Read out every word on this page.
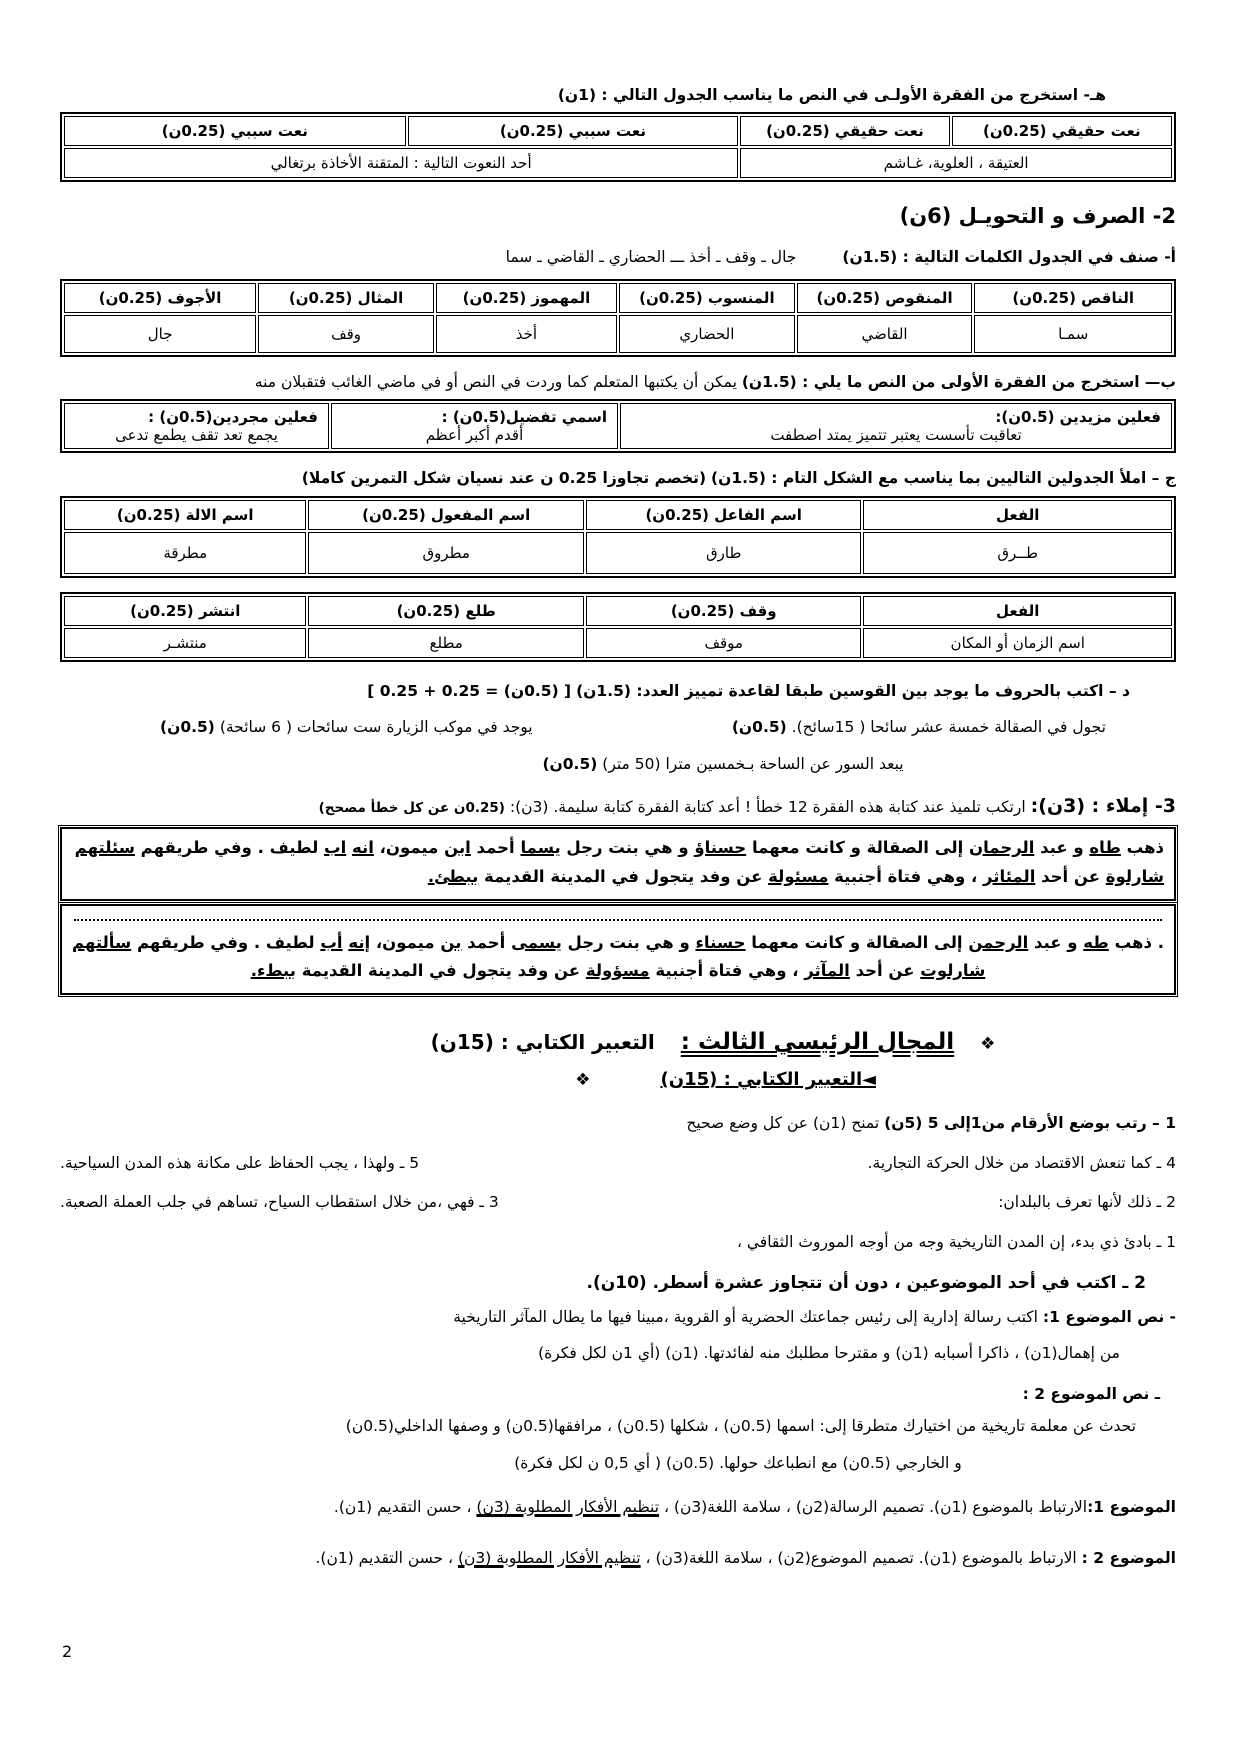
هـ- استخرج من الفقرة الأولـى في النص ما يناسب الجدول التالي : (1ن)
نعت حقيقي (0.25ن)	نعت حقيقي (0.25ن)	نعت سببي (0.25ن)	نعت سببي (0.25ن)
العتيقة ، العلوية، غـاشم		أحد النعوت التالية : المتقنة الأخاذة برتغالي	
2- الصرف و التحويـل (6ن)
أ- صنف في الجدول الكلمات التالية : (1.5ن)
جال ـ وقف ـ أخذ ـــ الحضاري ـ القاضي ـ سما
الناقص (0.25ن)	المنقوص (0.25ن)	المنسوب (0.25ن)	المهموز (0.25ن)	المثال (0.25ن)	الأجوف (0.25ن)
سمـا	القاضي	الحضاري	أخذ	وقف	جال
ب— استخرج من الفقرة الأولى من النص ما يلي : (1.5ن) يمكن أن يكتبها المتعلم كما وردت في النص أو في ماضي الغائب فتقبلان منه
فعلين مزيدين (0.5ن):
تعاقبت تأسست يعتبر تتميز يمتد اصطفت

اسمي تفضيل(0.5ن) :
أقدم أكبر أعظم

فعلين مجردين(0.5ن) :
يجمع تعد تقف يطمع تدعى
ج – املأ الجدولين التاليين بما يناسب مع الشكل التام : (1.5ن) (تخصم تجاوزا 0.25 ن عند نسيان شكل التمرين كاملا)
الفعل	اسم الفاعل (0.25ن)	اسم المفعول (0.25ن)	اسم الالة (0.25ن)
طــرق	طارق	مطروق	مطرقة
الفعل	وقف (0.25ن)	طلع (0.25ن)	انتشر (0.25ن)
اسم الزمان أو المكان	موقف	مطلع	منتشـر
د – اكتب بالحروف ما يوجد بين القوسين طبقا لقاعدة تمييز العدد: (1.5ن) [ (0.5ن) = 0.25 + 0.25 ]
تجول في الصقالة خمسة عشر سائحا ( 15سائح). (0.5ن)
يوجد في موكب الزيارة ست سائحات ( 6 سائحة) (0.5ن)
يبعد السور عن الساحة بـخمسين مترا (50 متر) (0.5ن)
3- إملاء : (3ن): ارتكب تلميذ عند كتابة هذه الفقرة 12 خطأ ! أعد كتابة الفقرة كتابة سليمة. (3ن): (0.25ن عن كل خطأ مصحح)
ذهب طاه و عبد الرحمان إلى الصقالة و كانت معهما حسناؤ و هي بنت رجل يسما أحمد ابن ميمون، انه اب لطيف . وفي طريقهم سئلتهم شارلوة عن أحد المئاثر ، وهي فتاة أجنبية مسئولة عن وفد يتجول في المدينة القديمة ببطئ.
. ذهب طه و عبد الرحمن إلى الصقالة و كانت معهما حسناء و هي بنت رجل يسمى أحمد بن ميمون، إنه أب لطيف . وفي طريقهم سألتهم شارلوت عن أحد المآثر ، وهي فتاة أجنبية مسؤولة عن وفد يتجول في المدينة القديمة ببطء.
❖
المجال الرئيسي الثالث :
التعبير الكتابي : (15ن)
◄التعبير الكتابي : (15ن)
❖
1 – رتب بوضع الأرقام من1إلى 5 (5ن) تمنح (1ن) عن كل وضع صحيح
4 ـ كما تنعش الاقتصاد من خلال الحركة التجارية.
5 ـ ولهذا ، يجب الحفاظ على مكانة هذه المدن السياحية.
2 ـ ذلك لأنها تعرف بالبلدان:
3 ـ فهي ،من خلال استقطاب السياح، تساهم في جلب العملة الصعبة.
1 ـ بادئ ذي بدء، إن المدن التاريخية وجه من أوجه الموروث الثقافي ،
2 ـ اكتب في أحد الموضوعين ، دون أن تتجاوز عشرة أسطر. (10ن).
- نص الموضوع 1: اكتب رسالة إدارية إلى رئيس جماعتك الحضرية أو القروية ،مبينا فيها ما يطال المآثر التاريخية
من إهمال(1ن) ، ذاكرا أسبابه (1ن) و مقترحا مطلبك منه لفائدتها. (1ن) (أي 1ن لكل فكرة)
ـ نص الموضوع 2 :
تحدث عن معلمة تاريخية من اختيارك متطرقا إلى: اسمها (0.5ن) ، شكلها (0.5ن) ، مرافقها(0.5ن) و وصفها الداخلي(0.5ن)
و الخارجي (0.5ن) مع انطباعك حولها. (0.5ن) ( أي 0,5 ن لكل فكرة)
الموضوع 1:الارتباط بالموضوع (1ن). تصميم الرسالة(2ن) ، سلامة اللغة(3ن) ، تنظيم الأفكار المطلوبة (3ن) ، حسن التقديم (1ن).
الموضوع 2 : الارتباط بالموضوع (1ن). تصميم الموضوع(2ن) ، سلامة اللغة(3ن) ، تنظيم الأفكار المطلوبة (3ن) ، حسن التقديم (1ن).
2
